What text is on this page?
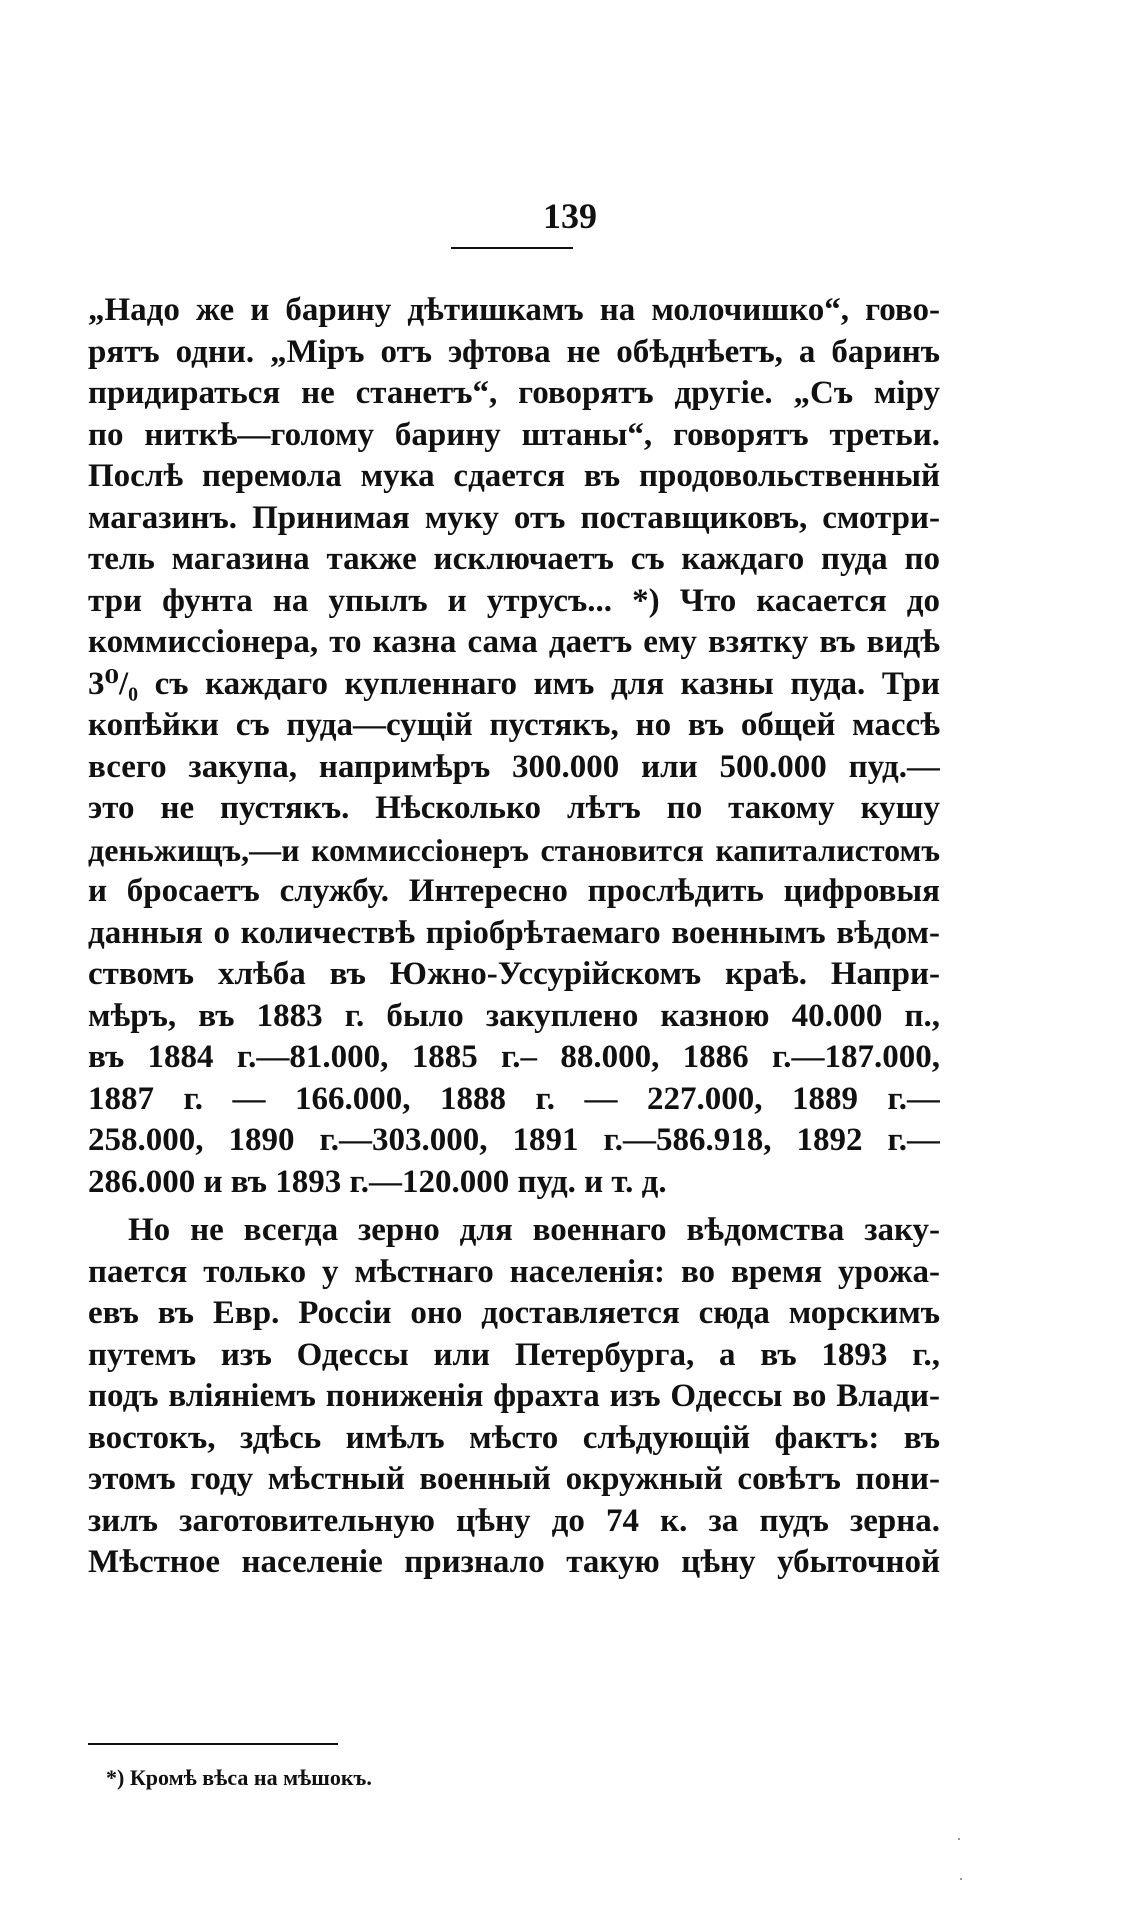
139
„Надо же и барину дѣтишкамъ на молочишко“, гово-
рятъ одни. „Міръ отъ эфтова не обѣднѣетъ, а баринъ
придираться не станетъ“, говорятъ другіе. „Съ міру
по ниткѣ—голому барину штаны“, говорятъ третьи.
Послѣ перемола мука сдается въ продовольственный
магазинъ. Принимая муку отъ поставщиковъ, смотри-
тель магазина также исключаетъ съ каждаго пуда по
три фунта на упылъ и утрусъ... *) Что касается до
коммиссіонера, то казна сама даетъ ему взятку въ видѣ
3⁰/₀ съ каждаго купленнаго имъ для казны пуда. Три
копѣйки съ пуда—сущій пустякъ, но въ общей массѣ
всего закупа, напримѣръ 300.000 или 500.000 пуд.—
это не пустякъ. Нѣсколько лѣтъ по такому кушу
деньжищъ,—и коммиссіонеръ становится капиталистомъ
и бросаетъ службу. Интересно прослѣдить цифровыя
данныя о количествѣ пріобрѣтаемаго военнымъ вѣдом-
ствомъ хлѣба въ Южно-Уссурійскомъ краѣ. Напри-
мѣръ, въ 1883 г. было закуплено казною 40.000 п.,
въ 1884 г.—81.000, 1885 г.– 88.000, 1886 г.—187.000,
1887 г. — 166.000, 1888 г. — 227.000, 1889 г.—
258.000, 1890 г.—303.000, 1891 г.—586.918, 1892 г.—
286.000 и въ 1893 г.—120.000 пуд. и т. д.
Но не всегда зерно для военнаго вѣдомства заку-
пается только у мѣстнаго населенія: во время урожа-
евъ въ Евр. Россіи оно доставляется сюда морскимъ
путемъ изъ Одессы или Петербурга, а въ 1893 г.,
подъ вліяніемъ пониженія фрахта изъ Одессы во Влади-
востокъ, здѣсь имѣлъ мѣсто слѣдующій фактъ: въ
этомъ году мѣстный военный окружный совѣтъ пони-
зилъ заготовительную цѣну до 74 к. за пудъ зерна.
Мѣстное населеніе признало такую цѣну убыточной
*) Кромѣ вѣса на мѣшокъ.
